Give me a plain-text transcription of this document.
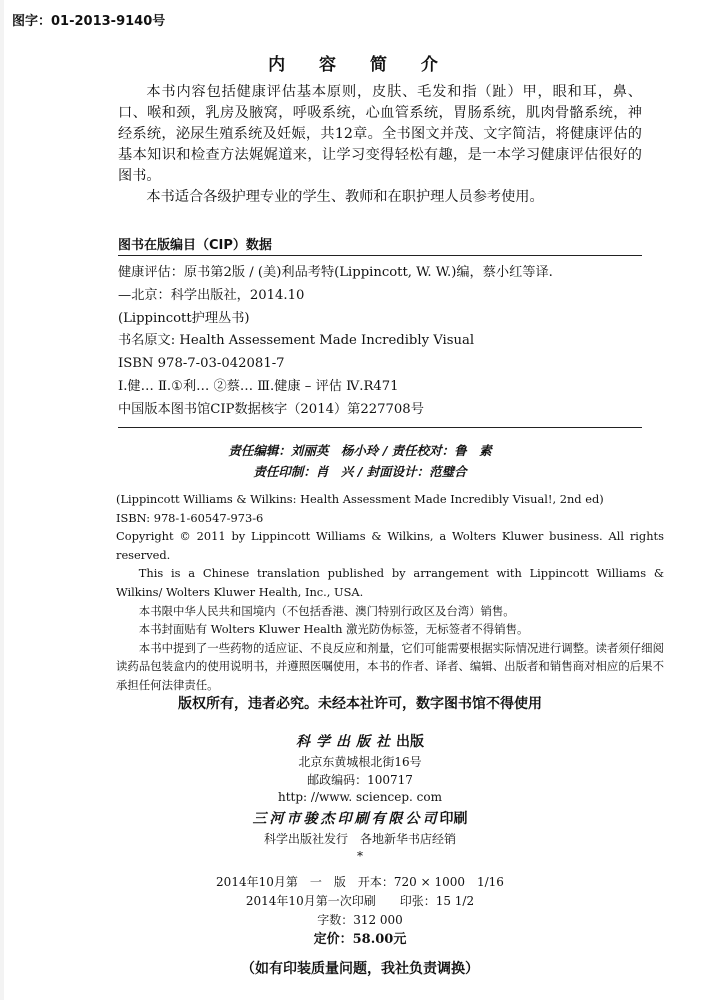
图字：01-2013-9140号
内 容 简 介

本书内容包括健康评估基本原则，皮肤、毛发和指（趾）甲，眼和耳，鼻、口、喉和颈，乳房及腋窝，呼吸系统，心血管系统，胃肠系统，肌肉骨骼系统，神经系统，泌尿生殖系统及妊娠，共12章。全书图文并茂、文字简洁，将健康评估的基本知识和检查方法娓娓道来，让学习变得轻松有趣，是一本学习健康评估很好的图书。

本书适合各级护理专业的学生、教师和在职护理人员参考使用。

图书在版编目（CIP）数据
健康评估：原书第2版 / (美)利品考特(Lippincott, W. W.)编，蔡小红等译.
—北京：科学出版社，2014.10
(Lippincott护理丛书)
书名原文: Health Assessement Made Incredibly Visual
ISBN 978-7-03-042081-7
Ⅰ.健… Ⅱ.①利… ②蔡… Ⅲ.健康 – 评估 Ⅳ.R471
中国版本图书馆CIP数据核字（2014）第227708号
责任编辑：刘丽英　杨小玲 / 责任校对：鲁　素
责任印制：肖　兴 / 封面设计：范璧合
(Lippincott Williams & Wilkins: Health Assessment Made Incredibly Visual!, 2nd ed)
ISBN: 978-1-60547-973-6
Copyright © 2011 by Lippincott Williams & Wilkins, a Wolters Kluwer business. All rights reserved.
This is a Chinese translation published by arrangement with Lippincott Williams & Wilkins/ Wolters Kluwer Health, Inc., USA.
本书限中华人民共和国境内（不包括香港、澳门特别行政区及台湾）销售。
本书封面贴有 Wolters Kluwer Health 激光防伪标签，无标签者不得销售。
本书中提到了一些药物的适应证、不良反应和剂量，它们可能需要根据实际情况进行调整。读者须仔细阅读药品包装盒内的使用说明书，并遵照医嘱使用，本书的作者、译者、编辑、出版者和销售商对相应的后果不承担任何法律责任。
版权所有，违者必究。未经本社许可，数字图书馆不得使用
科学出版社出版
北京东黄城根北街16号
邮政编码：100717
http: //www. sciencep. com
三河市骏杰印刷有限公司印刷
科学出版社发行　各地新华书店经销
*
2014年10月第　一　版　开本：720 × 1000　1/16
2014年10月第一次印刷　　印张：15 1/2
字数：312 000
定价：58.00元
（如有印装质量问题，我社负责调换）
